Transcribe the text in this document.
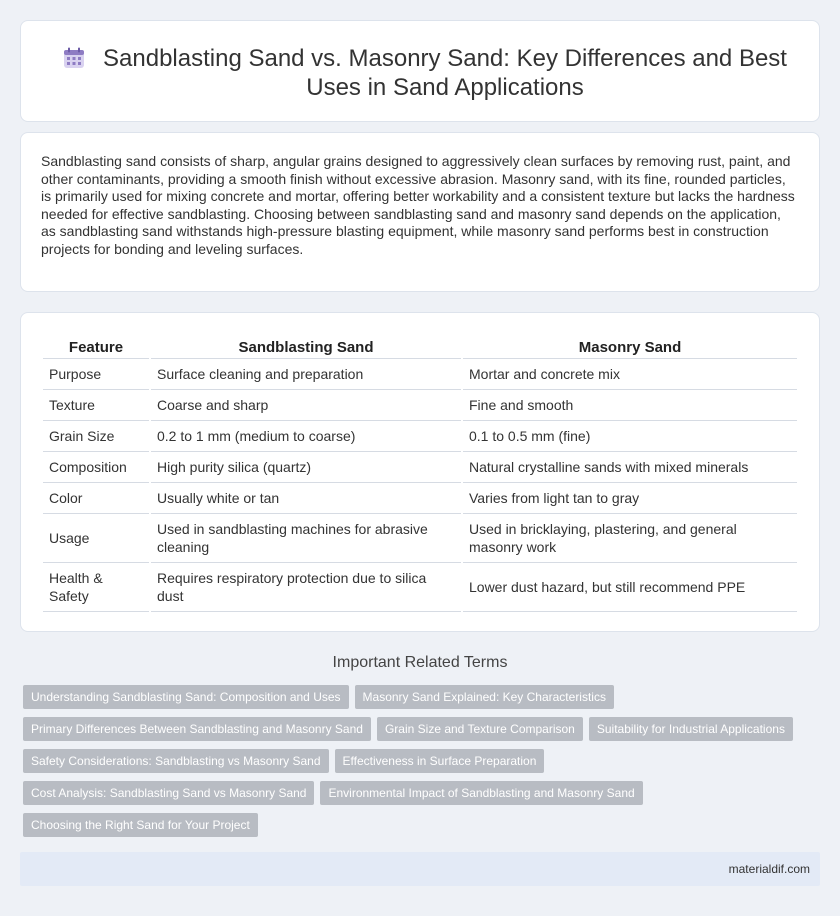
Sandblasting Sand vs. Masonry Sand: Key Differences and Best Uses in Sand Applications

Sandblasting sand consists of sharp, angular grains designed to aggressively clean surfaces by removing rust, paint, and other contaminants, providing a smooth finish without excessive abrasion. Masonry sand, with its fine, rounded particles, is primarily used for mixing concrete and mortar, offering better workability and a consistent texture but lacks the hardness needed for effective sandblasting. Choosing between sandblasting sand and masonry sand depends on the application, as sandblasting sand withstands high-pressure blasting equipment, while masonry sand performs best in construction projects for bonding and leveling surfaces.

Feature	Sandblasting Sand	Masonry Sand
Purpose	Surface cleaning and preparation	Mortar and concrete mix
Texture	Coarse and sharp	Fine and smooth
Grain Size	0.2 to 1 mm (medium to coarse)	0.1 to 0.5 mm (fine)
Composition	High purity silica (quartz)	Natural crystalline sands with mixed minerals
Color	Usually white or tan	Varies from light tan to gray
Usage	Used in sandblasting machines for abrasive cleaning	Used in bricklaying, plastering, and general masonry work
Health & Safety	Requires respiratory protection due to silica dust	Lower dust hazard, but still recommend PPE
Important Related Terms
Understanding Sandblasting Sand: Composition and Uses	Masonry Sand Explained: Key Characteristics
Primary Differences Between Sandblasting and Masonry Sand	Grain Size and Texture Comparison	Suitability for Industrial Applications
Safety Considerations: Sandblasting vs Masonry Sand	Effectiveness in Surface Preparation
Cost Analysis: Sandblasting Sand vs Masonry Sand	Environmental Impact of Sandblasting and Masonry Sand
Choosing the Right Sand for Your Project
materialdif.com
